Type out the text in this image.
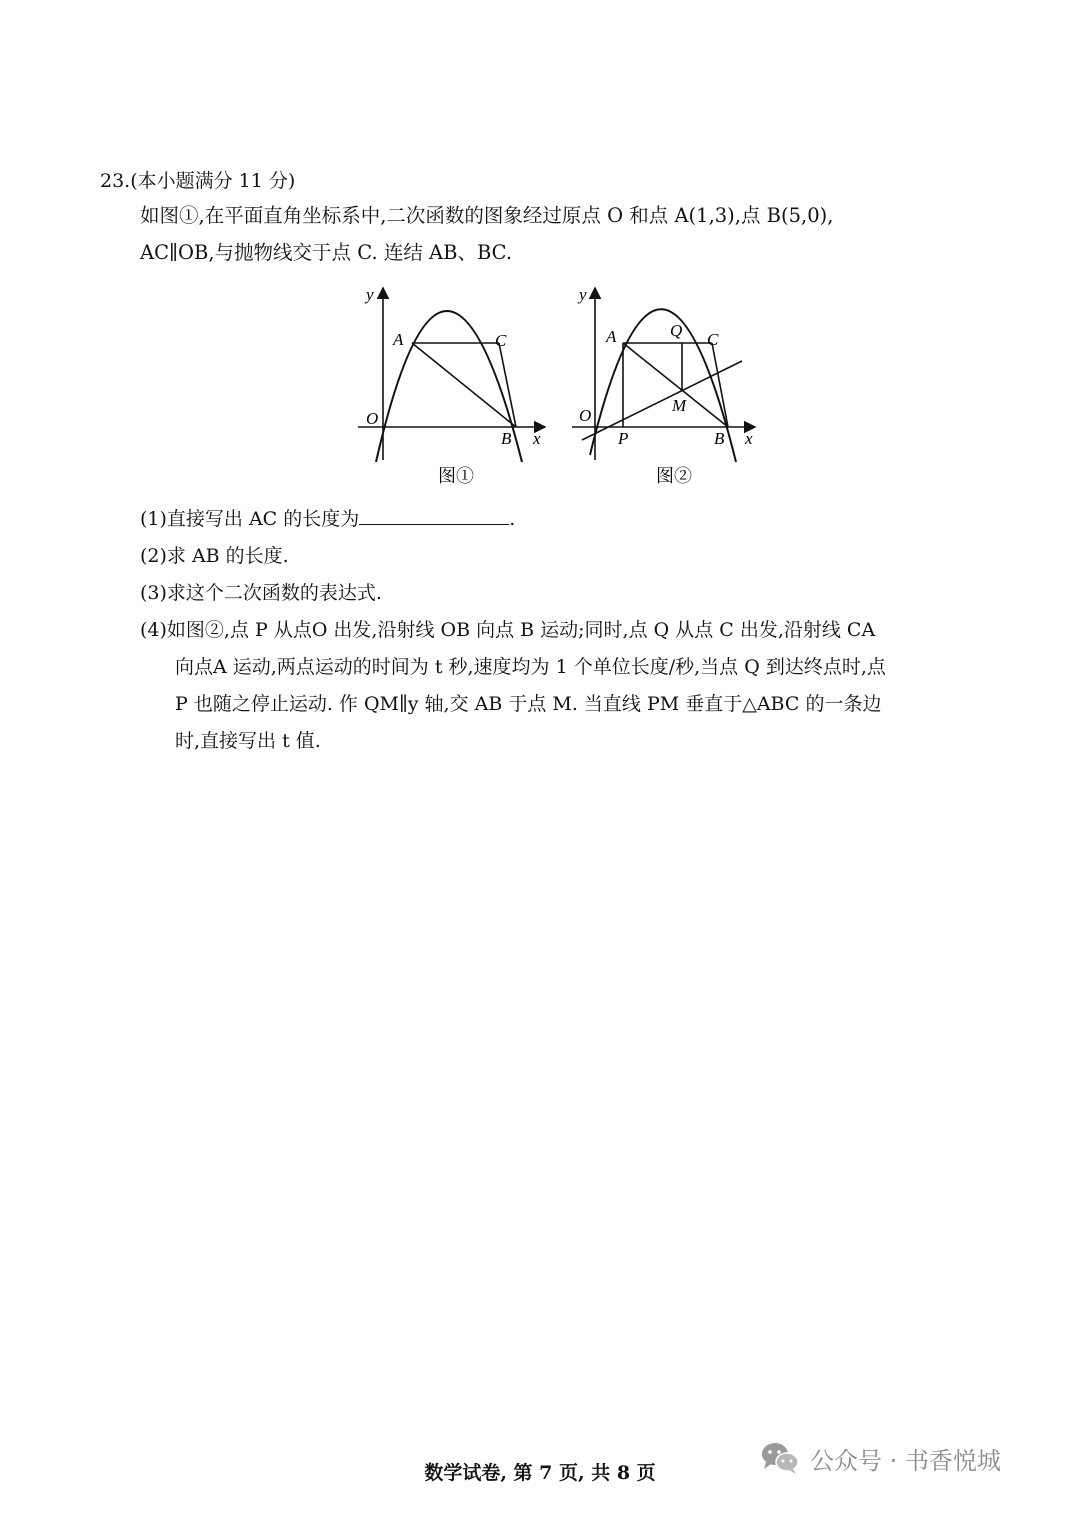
23.(本小题满分 11 分)
如图①,在平面直角坐标系中,二次函数的图象经过原点 O 和点 A(1,3),点 B(5,0),
AC∥OB,与抛物线交于点 C. 连结 AB、BC.
y
A	C
O
B x
图①
y
A	Q C
M
O
P	B x
图②
(1)直接写出 AC 的长度为	.
(2)求 AB 的长度.
(3)求这个二次函数的表达式.
(4)如图②,点 P 从点O 出发,沿射线 OB 向点 B 运动;同时,点 Q 从点 C 出发,沿射线 CA
向点A 运动,两点运动的时间为 t 秒,速度均为 1 个单位长度/秒,当点 Q 到达终点时,点
P 也随之停止运动. 作 QM∥y 轴,交 AB 于点 M. 当直线 PM 垂直于△ABC 的一条边
时,直接写出 t 值.
数学试卷, 第 7 页, 共 8 页	公众号 · 书香悦城
